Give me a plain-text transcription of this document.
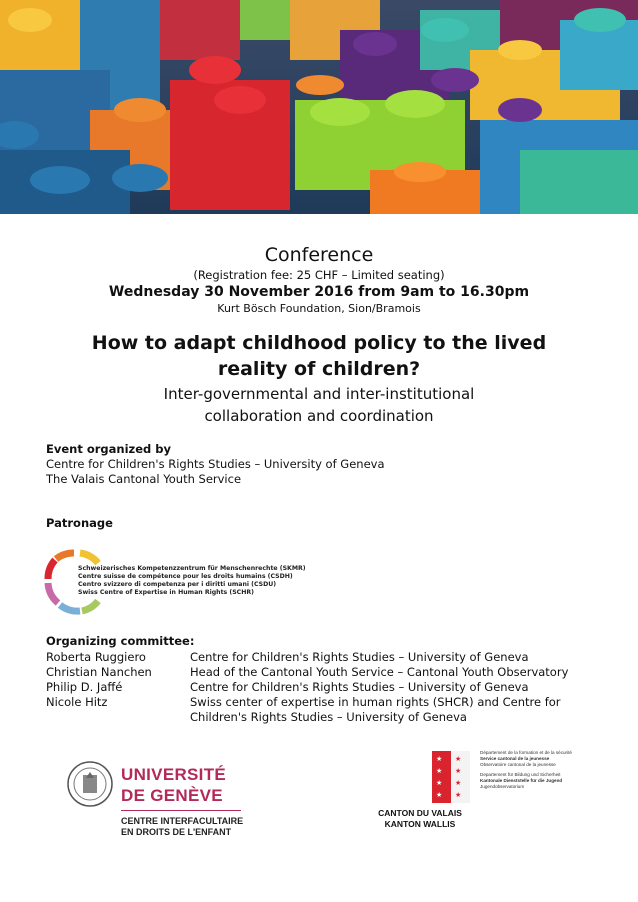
Conference
(Registration fee: 25 CHF – Limited seating)
Wednesday 30 November 2016 from 9am to 16.30pm
Kurt Bösch Foundation, Sion/Bramois
How to adapt childhood policy to the lived reality of children?
Inter-governmental and inter-institutional
collaboration and coordination
Event organized by
Centre for Children's Rights Studies – University of Geneva
The Valais Cantonal Youth Service
Patronage
Schweizerisches Kompetenzzentrum für Menschenrechte (SKMR)
Centre suisse de compétence pour les droits humains (CSDH)
Centro svizzero di competenza per i diritti umani (CSDU)
Swiss Centre of Expertise in Human Rights (SCHR)
Organizing committee:
Roberta Ruggiero	Centre for Children's Rights Studies – University of Geneva
Christian Nanchen	Head of the Cantonal Youth Service – Cantonal Youth Observatory
Philip D. Jaffé	Centre for Children's Rights Studies – University of Geneva
Nicole Hitz	Swiss center of expertise in human rights (SHCR) and Centre for Children's Rights Studies – University of Geneva
UNIVERSITÉ
DE GENÈVE
CENTRE INTERFACULTAIRE
EN DROITS DE L'ENFANT
★
★
★
★
★
★
★
★
Département de la formation et de la sécurité
Service cantonal de la jeunesse
Observatoire cantonal de la jeunesse
Departement für Bildung und Sicherheit
Kantonale Dienststelle für die Jugend
Jugendobservatorium
CANTON DU VALAIS
KANTON WALLIS
